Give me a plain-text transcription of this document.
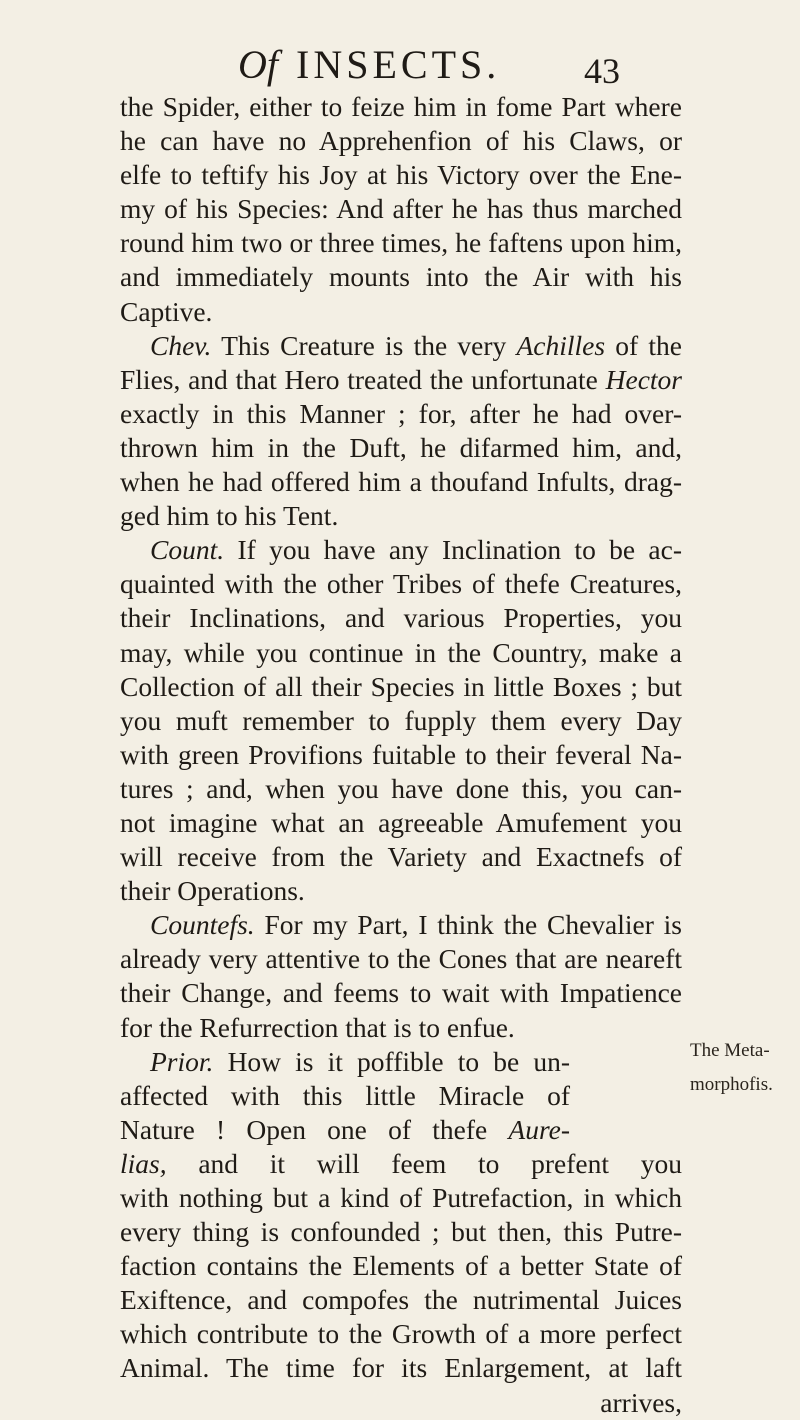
Of INSECTS. 43
the Spider, either to feize him in fome Part where
he can have no Apprehenfion of his Claws, or
elfe to teftify his Joy at his Victory over the Ene-
my of his Species: And after he has thus marched
round him two or three times, he faftens upon him,
and immediately mounts into the Air with his
Captive.
Chev. This Creature is the very Achilles of the
Flies, and that Hero treated the unfortunate Hector
exactly in this Manner ; for, after he had over-
thrown him in the Duft, he difarmed him, and,
when he had offered him a thoufand Infults, drag-
ged him to his Tent.
Count. If you have any Inclination to be ac-
quainted with the other Tribes of thefe Creatures,
their Inclinations, and various Properties, you
may, while you continue in the Country, make a
Collection of all their Species in little Boxes ; but
you muft remember to fupply them every Day
with green Provifions fuitable to their feveral Na-
tures ; and, when you have done this, you can-
not imagine what an agreeable Amufement you
will receive from the Variety and Exactnefs of
their Operations.
Countefs. For my Part, I think the Chevalier is
already very attentive to the Cones that are neareft
their Change, and feems to wait with Impatience
for the Refurrection that is to enfue.
Prior. How is it poffible to be un-
affected with this little Miracle of
Nature ! Open one of thefe Aure-
lias, and it will feem to prefent you
with nothing but a kind of Putrefaction, in which
every thing is confounded ; but then, this Putre-
faction contains the Elements of a better State of
Exiftence, and compofes the nutrimental Juices
which contribute to the Growth of a more perfect
Animal. The time for its Enlargement, at laft
arrives,
The Meta-
morphofis.
